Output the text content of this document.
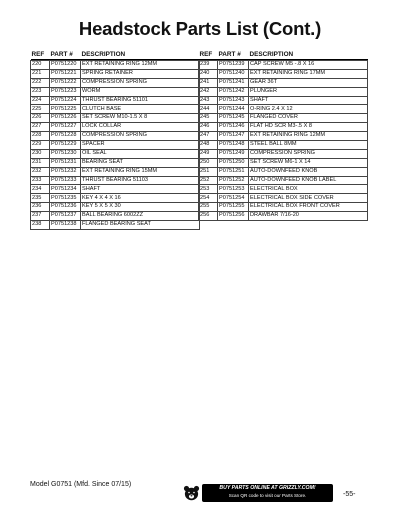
Headstock Parts List (Cont.)
REF	PART #	DESCRIPTION

220	P0751220	EXT RETAINING RING 12MM
221	P0751221	SPRING RETAINER
222	P0751222	COMPRESSION SPRING
223	P0751223	WORM
224	P0751224	THRUST BEARING 51101
225	P0751225	CLUTCH BASE
226	P0751226	SET SCREW M10-1.5 X 8
227	P0751227	LOCK COLLAR
228	P0751228	COMPRESSION SPRING
229	P0751229	SPACER
230	P0751230	OIL SEAL
231	P0751231	BEARING SEAT
232	P0751232	EXT RETAINING RING 15MM
233	P0751233	THRUST BEARING 51103
234	P0751234	SHAFT
235	P0751235	KEY 4 X 4 X 16
236	P0751236	KEY 5 X 5 X 30
237	P0751237	BALL BEARING 6002ZZ
238	P0751238	FLANGED BEARING SEAT
REF	PART #	DESCRIPTION

239	P0751239	CAP SCREW M5 -.8 X 16
240	P0751240	EXT RETAINING RING 17MM
241	P0751241	GEAR 36T
242	P0751242	PLUNGER
243	P0751243	SHAFT
244	P0751244	O-RING 2.4 X 12
245	P0751245	FLANGED COVER
246	P0751246	FLAT HD SCR M3-.5 X 8
247	P0751247	EXT RETAINING RING 12MM
248	P0751248	STEEL BALL 8MM
249	P0751249	COMPRESSION SPRING
250	P0751250	SET SCREW M6-1 X 14
251	P0751251	AUTO-DOWNFEED KNOB
252	P0751252	AUTO-DOWNFEED KNOB LABEL
253	P0751253	ELECTRICAL BOX
254	P0751254	ELECTRICAL BOX SIDE COVER
255	P0751255	ELECTRICAL BOX FRONT COVER
256	P0751256	DRAWBAR 7/16-20
Model G0751 (Mfd. Since 07/15)	BUY PARTS ONLINE AT GRIZZLY.COM!
Scan QR code to visit our Parts Store.	-55-
